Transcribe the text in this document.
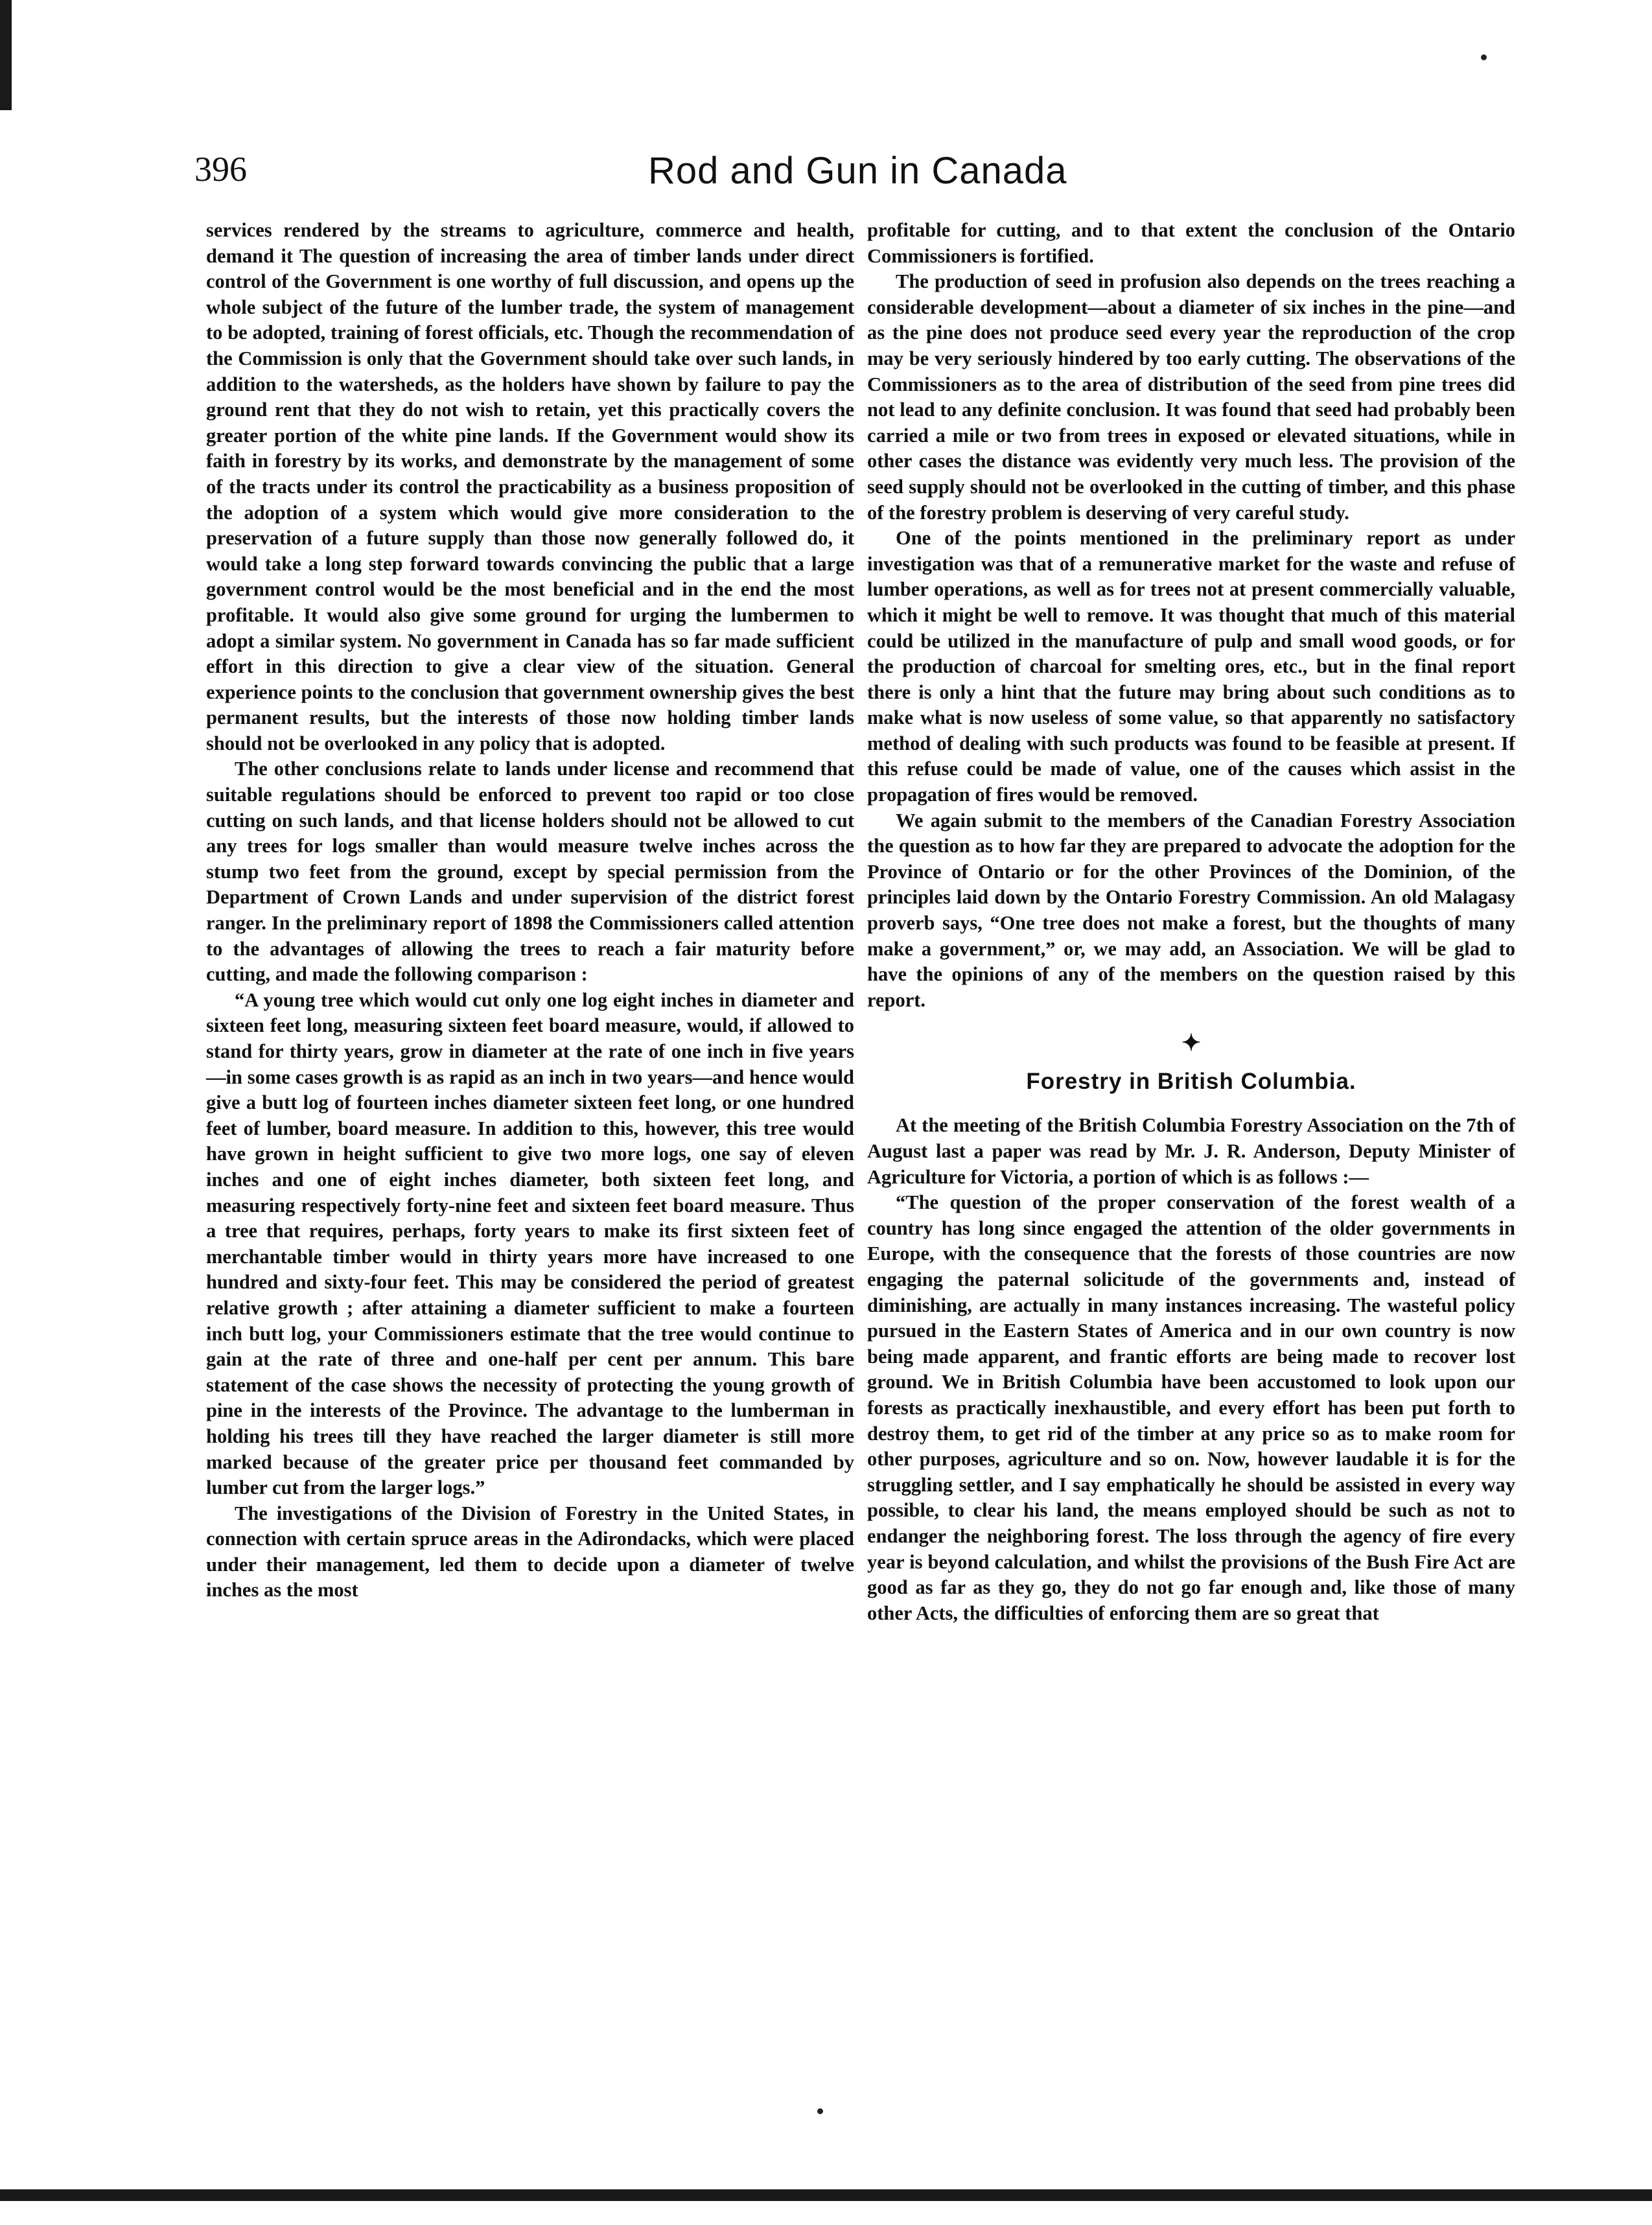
396	Rod and Gun in Canada

services rendered by the streams to agriculture, commerce and health, demand it The question of increasing the area of timber lands under direct control of the Government is one worthy of full discussion, and opens up the whole subject of the future of the lumber trade, the system of management to be adopted, training of forest officials, etc. Though the recommendation of the Commission is only that the Government should take over such lands, in addition to the watersheds, as the holders have shown by failure to pay the ground rent that they do not wish to retain, yet this practically covers the greater portion of the white pine lands. If the Government would show its faith in forestry by its works, and demonstrate by the management of some of the tracts under its control the practicability as a business proposition of the adoption of a system which would give more consideration to the preservation of a future supply than those now generally followed do, it would take a long step forward towards convincing the public that a large government control would be the most beneficial and in the end the most profitable. It would also give some ground for urging the lumbermen to adopt a similar system. No government in Canada has so far made sufficient effort in this direction to give a clear view of the situation. General experience points to the conclusion that government ownership gives the best permanent results, but the interests of those now holding timber lands should not be overlooked in any policy that is adopted.

The other conclusions relate to lands under license and recommend that suitable regulations should be enforced to prevent too rapid or too close cutting on such lands, and that license holders should not be allowed to cut any trees for logs smaller than would measure twelve inches across the stump two feet from the ground, except by special permission from the Department of Crown Lands and under supervision of the district forest ranger. In the preliminary report of 1898 the Commissioners called attention to the advantages of allowing the trees to reach a fair maturity before cutting, and made the following comparison :

“A young tree which would cut only one log eight inches in diameter and sixteen feet long, measuring sixteen feet board measure, would, if allowed to stand for thirty years, grow in diameter at the rate of one inch in five years—in some cases growth is as rapid as an inch in two years—and hence would give a butt log of fourteen inches diameter sixteen feet long, or one hundred feet of lumber, board measure. In addition to this, however, this tree would have grown in height sufficient to give two more logs, one say of eleven inches and one of eight inches diameter, both sixteen feet long, and measuring respectively forty-nine feet and sixteen feet board measure. Thus a tree that requires, perhaps, forty years to make its first sixteen feet of merchantable timber would in thirty years more have increased to one hundred and sixty-four feet. This may be considered the period of greatest relative growth ; after attaining a diameter sufficient to make a fourteen inch butt log, your Commissioners estimate that the tree would continue to gain at the rate of three and one-half per cent per annum. This bare statement of the case shows the necessity of protecting the young growth of pine in the interests of the Province. The advantage to the lumberman in holding his trees till they have reached the larger diameter is still more marked because of the greater price per thousand feet commanded by lumber cut from the larger logs.”

The investigations of the Division of Forestry in the United States, in connection with certain spruce areas in the Adirondacks, which were placed under their management, led them to decide upon a diameter of twelve inches as the most

profitable for cutting, and to that extent the conclusion of the Ontario Commissioners is fortified.

The production of seed in profusion also depends on the trees reaching a considerable development—about a diameter of six inches in the pine—and as the pine does not produce seed every year the reproduction of the crop may be very seriously hindered by too early cutting. The observations of the Commissioners as to the area of distribution of the seed from pine trees did not lead to any definite conclusion. It was found that seed had probably been carried a mile or two from trees in exposed or elevated situations, while in other cases the distance was evidently very much less. The provision of the seed supply should not be overlooked in the cutting of timber, and this phase of the forestry problem is deserving of very careful study.

One of the points mentioned in the preliminary report as under investigation was that of a remunerative market for the waste and refuse of lumber operations, as well as for trees not at present commercially valuable, which it might be well to remove. It was thought that much of this material could be utilized in the manufacture of pulp and small wood goods, or for the production of charcoal for smelting ores, etc., but in the final report there is only a hint that the future may bring about such conditions as to make what is now useless of some value, so that apparently no satisfactory method of dealing with such products was found to be feasible at present. If this refuse could be made of value, one of the causes which assist in the propagation of fires would be removed.

We again submit to the members of the Canadian Forestry Association the question as to how far they are prepared to advocate the adoption for the Province of Ontario or for the other Provinces of the Dominion, of the principles laid down by the Ontario Forestry Commission. An old Malagasy proverb says, “One tree does not make a forest, but the thoughts of many make a government,” or, we may add, an Association. We will be glad to have the opinions of any of the members on the question raised by this report.

✦
Forestry in British Columbia.

At the meeting of the British Columbia Forestry Association on the 7th of August last a paper was read by Mr. J. R. Anderson, Deputy Minister of Agriculture for Victoria, a portion of which is as follows :—

“The question of the proper conservation of the forest wealth of a country has long since engaged the attention of the older governments in Europe, with the consequence that the forests of those countries are now engaging the paternal solicitude of the governments and, instead of diminishing, are actually in many instances increasing. The wasteful policy pursued in the Eastern States of America and in our own country is now being made apparent, and frantic efforts are being made to recover lost ground. We in British Columbia have been accustomed to look upon our forests as practically inexhaustible, and every effort has been put forth to destroy them, to get rid of the timber at any price so as to make room for other purposes, agriculture and so on. Now, however laudable it is for the struggling settler, and I say emphatically he should be assisted in every way possible, to clear his land, the means employed should be such as not to endanger the neighboring forest. The loss through the agency of fire every year is beyond calculation, and whilst the provisions of the Bush Fire Act are good as far as they go, they do not go far enough and, like those of many other Acts, the difficulties of enforcing them are so great that
